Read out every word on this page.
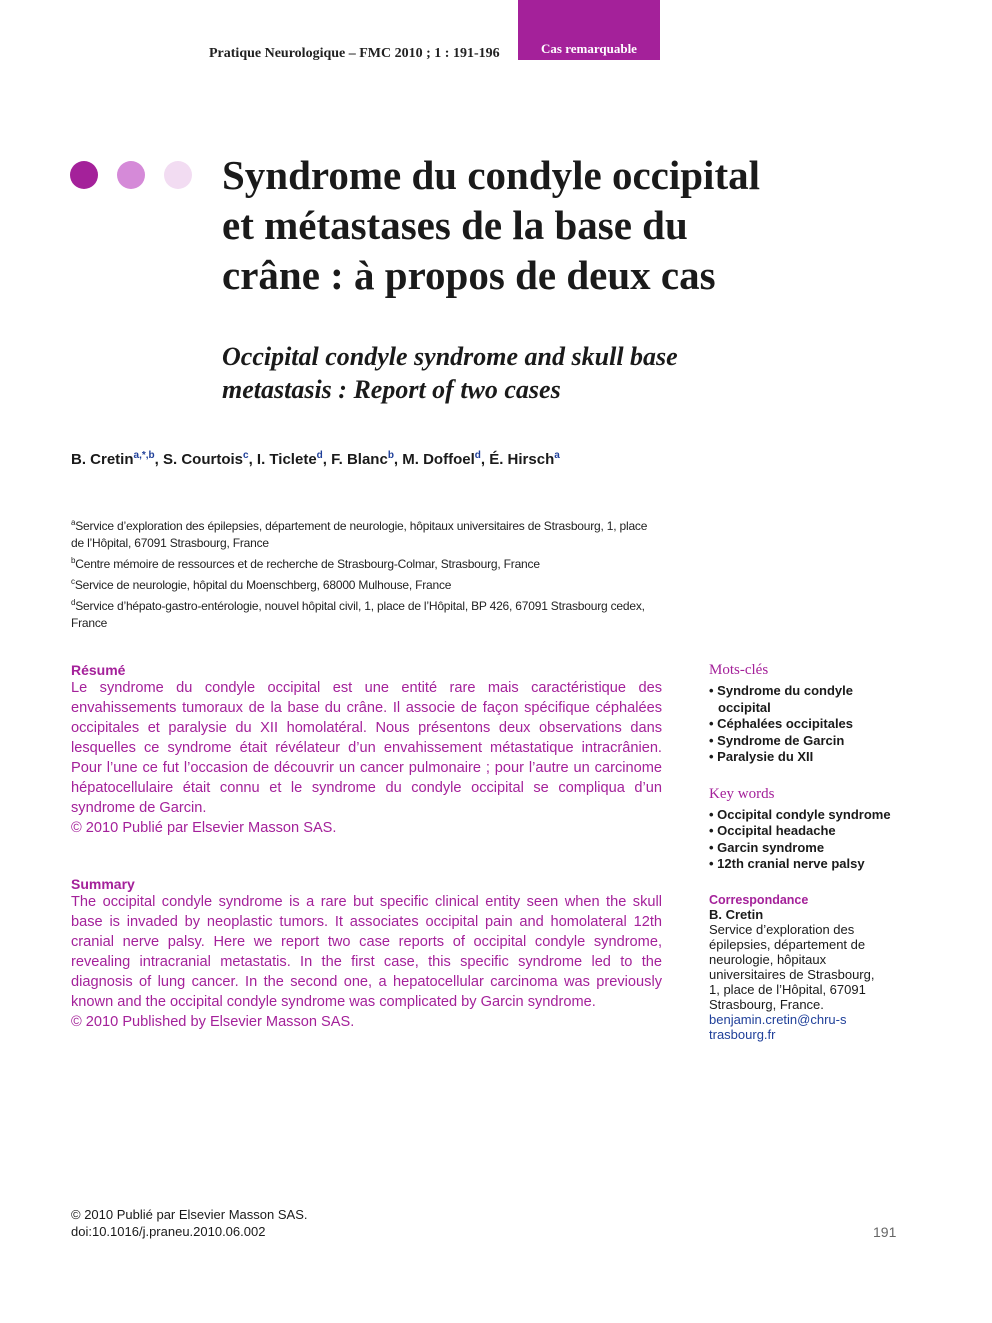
Pratique Neurologique – FMC 2010 ; 1 : 191-196	Cas remarquable
Syndrome du condyle occipital
et métastases de la base du
crâne : à propos de deux cas
Occipital condyle syndrome and skull base
metastasis : Report of two cases
B. Cretin$^{a,*,b}$, S. Courtois$^c$, I. Ticlete$^d$, F. Blanc$^b$, M. Doffoel$^d$, É. Hirsch$^a$

$^a$Service d’exploration des épilepsies, département de neurologie, hôpitaux universitaires de Strasbourg, 1, place de l’Hôpital, 67091 Strasbourg, France

$^b$Centre mémoire de ressources et de recherche de Strasbourg-Colmar, Strasbourg, France

$^c$Service de neurologie, hôpital du Moenschberg, 68000 Mulhouse, France

$^d$Service d’hépato-gastro-entérologie, nouvel hôpital civil, 1, place de l’Hôpital, BP 426, 67091 Strasbourg cedex, France

Résumé

Le syndrome du condyle occipital est une entité rare mais caractéristique des envahissements tumoraux de la base du crâne. Il associe de façon spécifique céphalées occipitales et paralysie du XII homolatéral. Nous présentons deux observations dans lesquelles ce syndrome était révélateur d’un envahissement métastatique intracrânien. Pour l’une ce fut l’occasion de découvrir un cancer pulmonaire ; pour l’autre un carcinome hépatocellulaire était connu et le syndrome du condyle occipital se compliqua d’un syndrome de Garcin.

© 2010 Publié par Elsevier Masson SAS.

Summary

The occipital condyle syndrome is a rare but specific clinical entity seen when the skull base is invaded by neoplastic tumors. It associates occipital pain and homolateral 12th cranial nerve palsy. Here we report two case reports of occipital condyle syndrome, revealing intracranial metastatis. In the first case, this specific syndrome led to the diagnosis of lung cancer. In the second one, a hepatocellular carcinoma was previously known and the occipital condyle syndrome was complicated by Garcin syndrome.

© 2010 Published by Elsevier Masson SAS.

Mots-clés

• Syndrome du condyle occipital
• Céphalées occipitales
• Syndrome de Garcin
• Paralysie du XII

Key words

• Occipital condyle syndrome
• Occipital headache
• Garcin syndrome
• 12th cranial nerve palsy

Correspondance

B. Cretin

Service d’exploration des épilepsies, département de neurologie, hôpitaux universitaires de Strasbourg, 1, place de l’Hôpital, 67091 Strasbourg, France.

benjamin.cretin@chru-strasbourg.fr

© 2010 Publié par Elsevier Masson SAS.
doi:10.1016/j.praneu.2010.06.002	191
